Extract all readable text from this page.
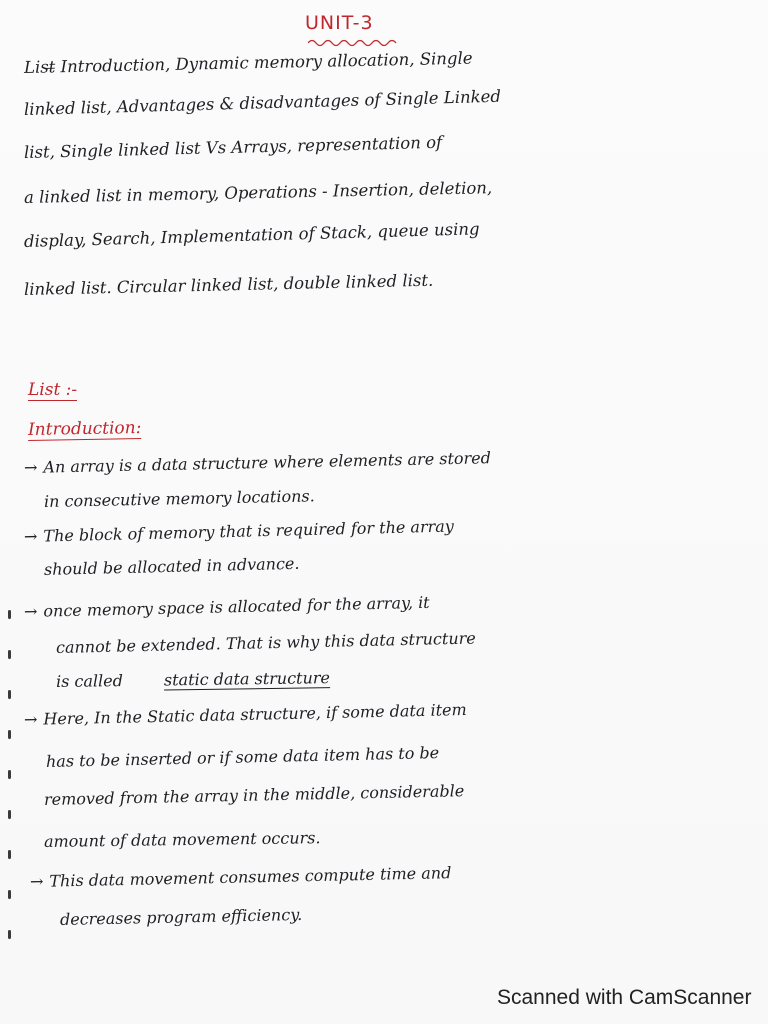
UNIT-3
List̶ Introduction, Dynamic memory allocation, Single
linked list, Advantages & disadvantages of Single Linked
list, Single linked list Vs Arrays, representation of
a linked list in memory, Operations - Insertion, deletion,
display, Search, Implementation of Stack, queue using
linked list. Circular linked list, double linked list.
List :-
Introduction:
→ An array is a data structure where elements are stored
in consecutive memory locations.
→ The block of memory that is required for the array
should be allocated in advance.
→ once memory space is allocated for the array, it
cannot be extended. That is why this data structure
is called	static data structure
→ Here, In the Static data structure, if some data item
has to be inserted or if some data item has to be
removed from the array in the middle, considerable
amount of data movement occurs.
→ This data movement consumes compute time and
decreases program efficiency.
Scanned with CamScanner
